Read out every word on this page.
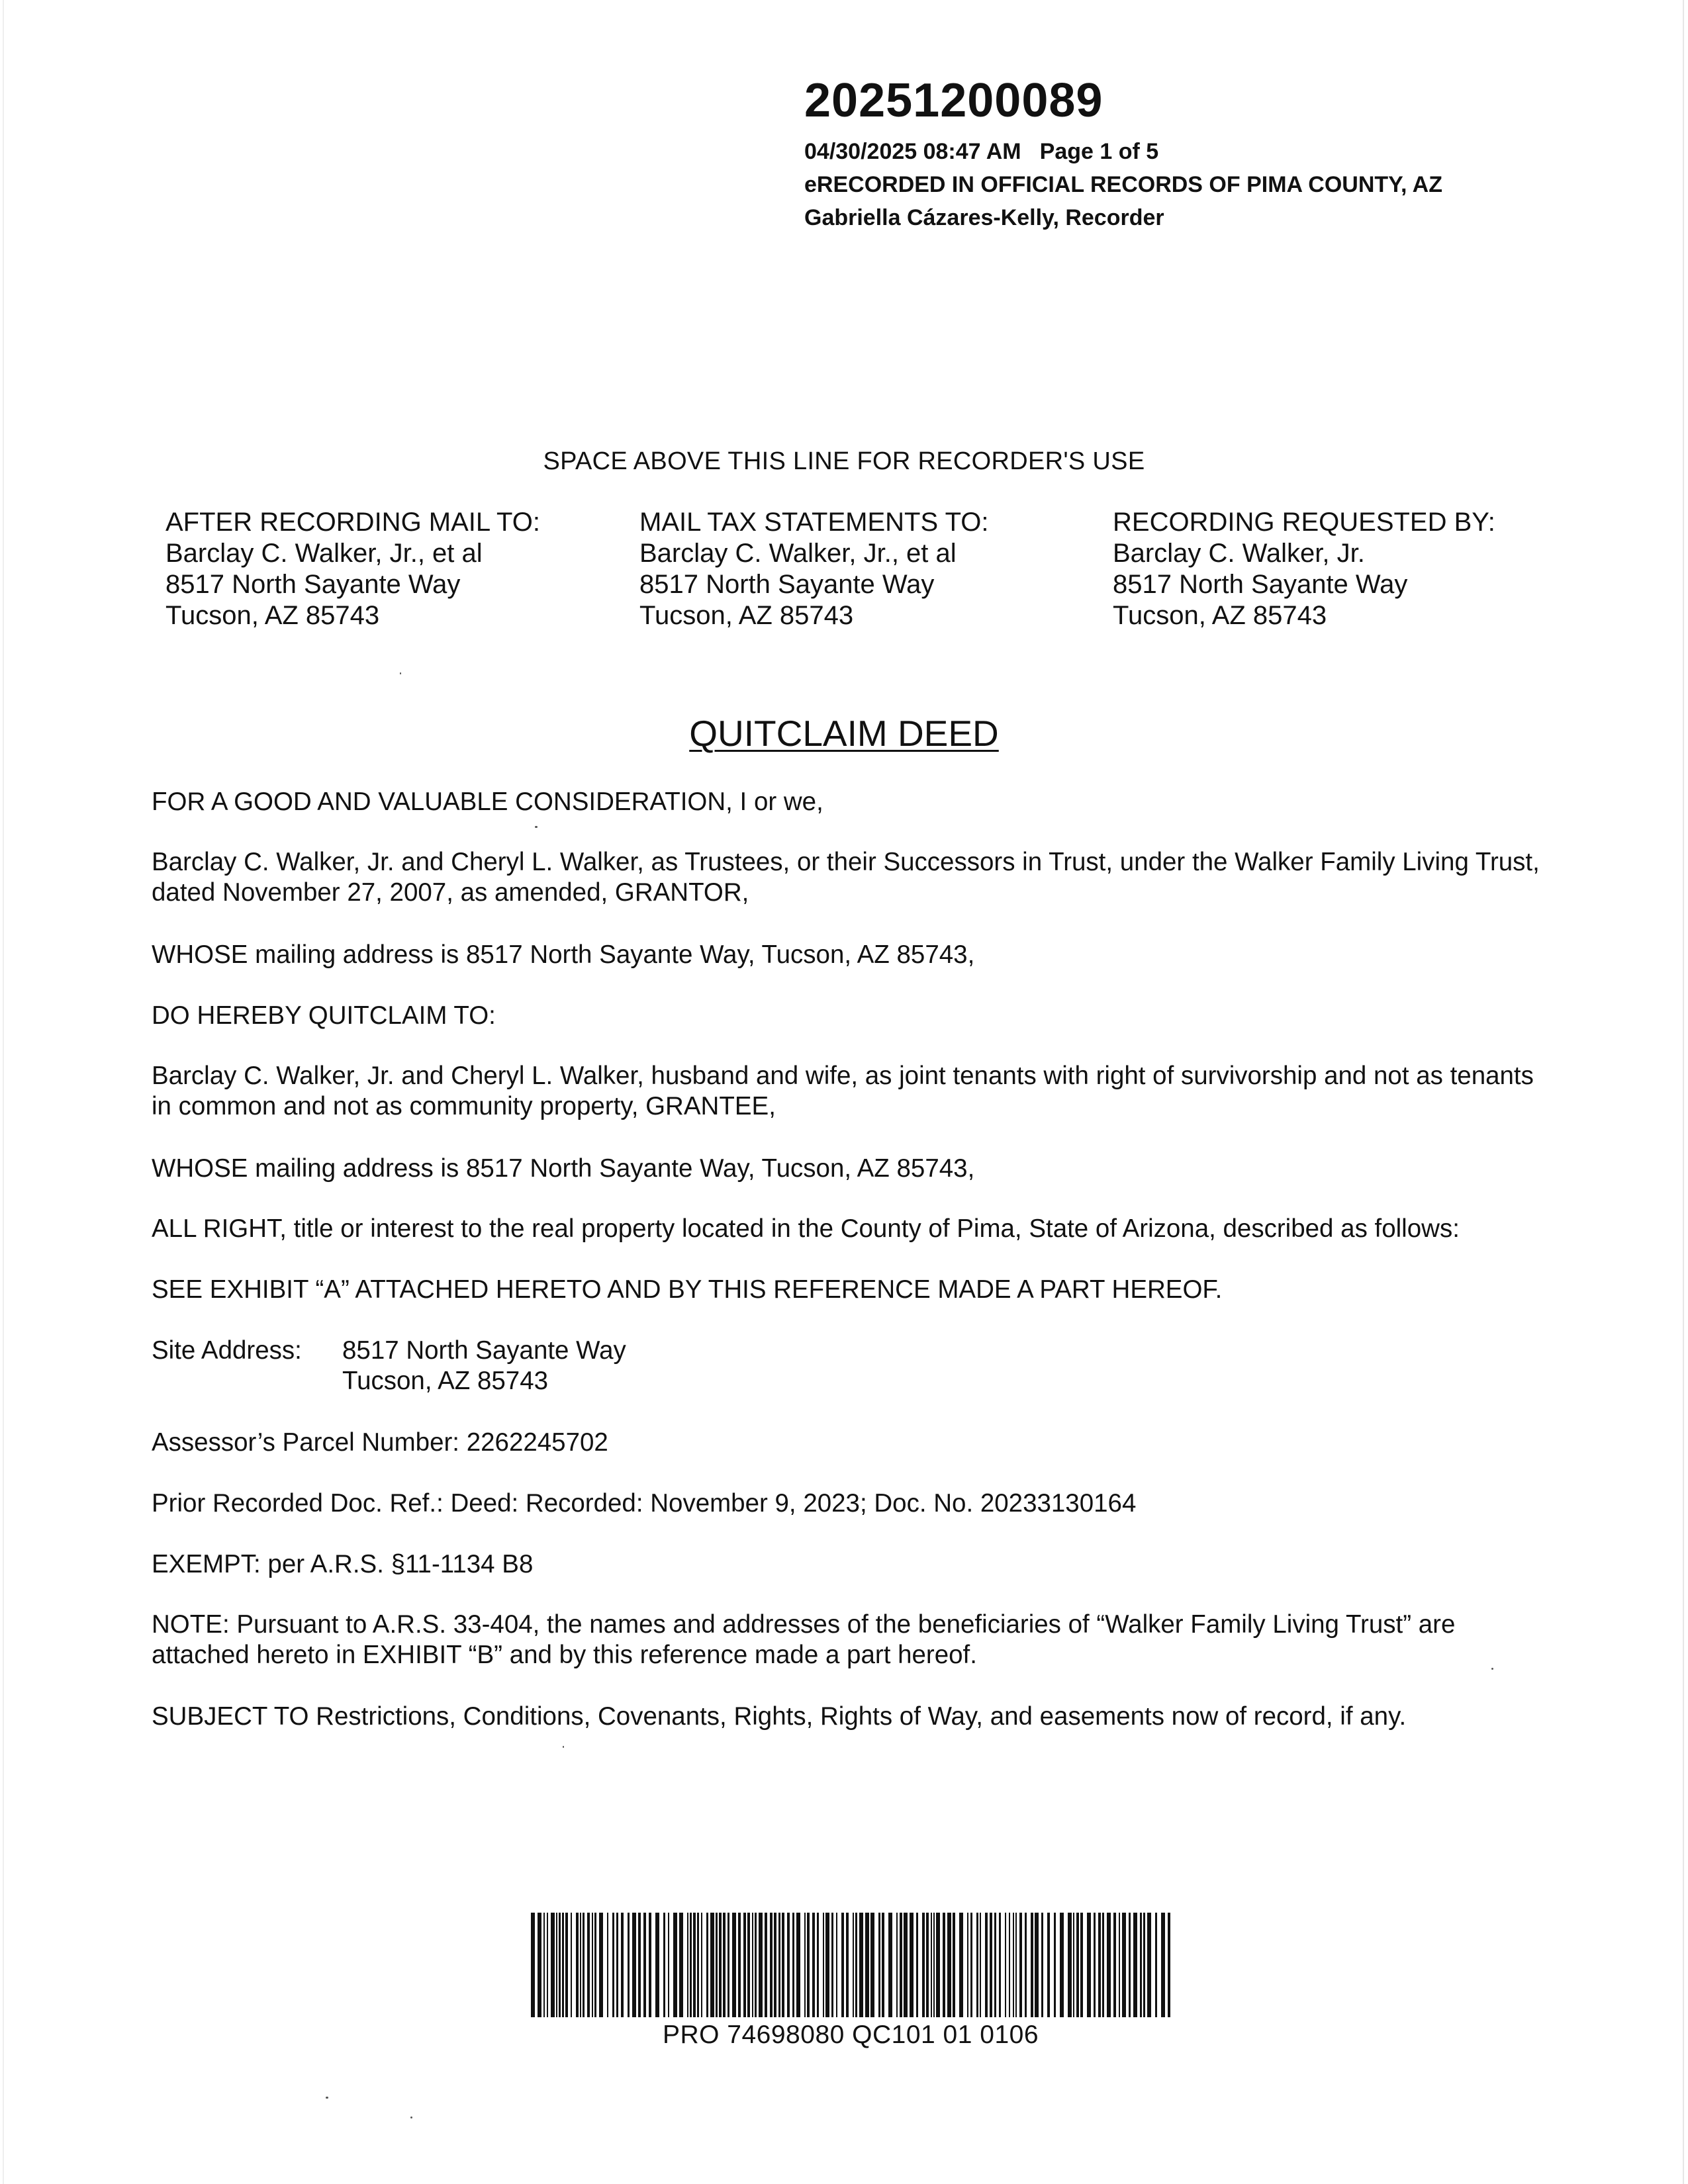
20251200089
04/30/2025 08:47 AM Page 1 of 5
eRECORDED IN OFFICIAL RECORDS OF PIMA COUNTY, AZ
Gabriella Cázares-Kelly, Recorder
SPACE ABOVE THIS LINE FOR RECORDER'S USE
AFTER RECORDING MAIL TO:
Barclay C. Walker, Jr., et al
8517 North Sayante Way
Tucson, AZ 85743
MAIL TAX STATEMENTS TO:
Barclay C. Walker, Jr., et al
8517 North Sayante Way
Tucson, AZ 85743
RECORDING REQUESTED BY:
Barclay C. Walker, Jr.
8517 North Sayante Way
Tucson, AZ 85743
QUITCLAIM DEED
FOR A GOOD AND VALUABLE CONSIDERATION, I or we,
Barclay C. Walker, Jr. and Cheryl L. Walker, as Trustees, or their Successors in Trust, under the Walker Family Living Trust, dated November 27, 2007, as amended, GRANTOR,
WHOSE mailing address is 8517 North Sayante Way, Tucson, AZ 85743,
DO HEREBY QUITCLAIM TO:
Barclay C. Walker, Jr. and Cheryl L. Walker, husband and wife, as joint tenants with right of survivorship and not as tenants in common and not as community property, GRANTEE,
WHOSE mailing address is 8517 North Sayante Way, Tucson, AZ 85743,
ALL RIGHT, title or interest to the real property located in the County of Pima, State of Arizona, described as follows:
SEE EXHIBIT “A” ATTACHED HERETO AND BY THIS REFERENCE MADE A PART HEREOF.
Site Address:	8517 North Sayante Way
Tucson, AZ 85743
Assessor’s Parcel Number: 2262245702
Prior Recorded Doc. Ref.: Deed: Recorded: November 9, 2023; Doc. No. 20233130164
EXEMPT: per A.R.S. §11-1134 B8
NOTE: Pursuant to A.R.S. 33-404, the names and addresses of the beneficiaries of “Walker Family Living Trust” are attached hereto in EXHIBIT “B” and by this reference made a part hereof.
SUBJECT TO Restrictions, Conditions, Covenants, Rights, Rights of Way, and easements now of record, if any.
PRO 74698080 QC101 01 0106
